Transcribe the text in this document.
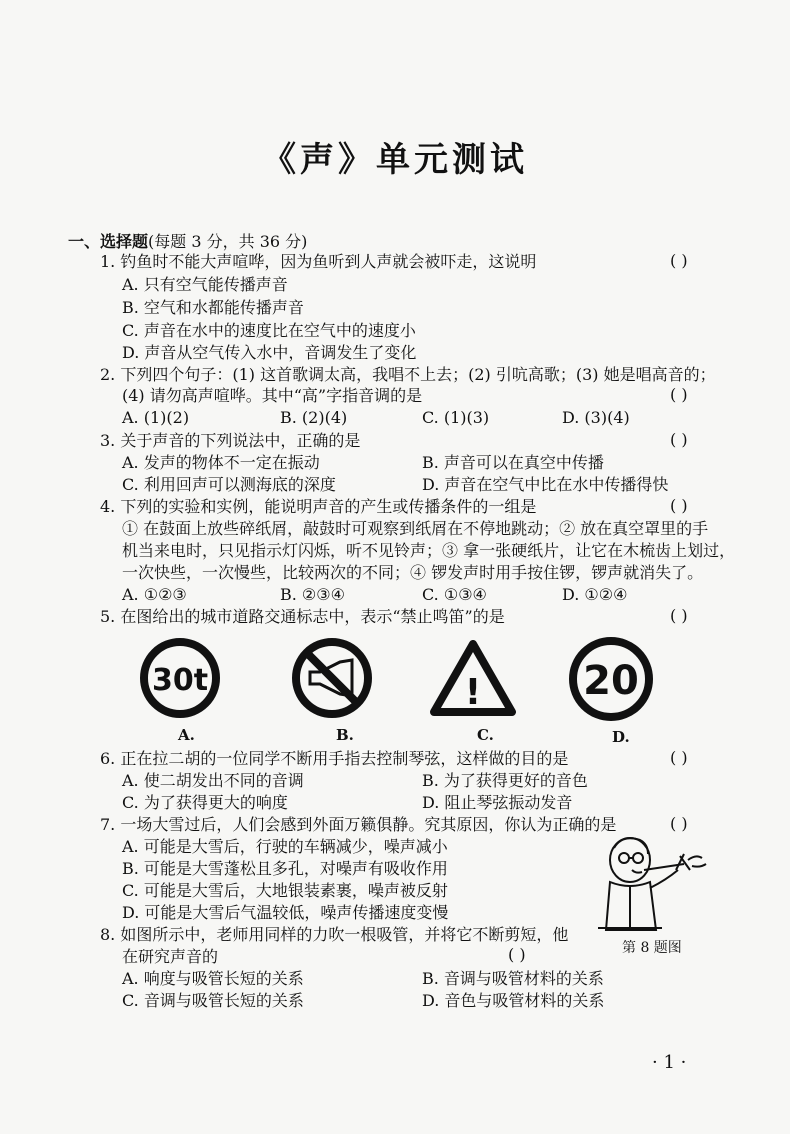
《声》单元测试
一、选择题(每题 3 分，共 36 分)
1. 钓鱼时不能大声喧哗，因为鱼听到人声就会被吓走，这说明	( )
A. 只有空气能传播声音
B. 空气和水都能传播声音
C. 声音在水中的速度比在空气中的速度小
D. 声音从空气传入水中，音调发生了变化
2. 下列四个句子：(1) 这首歌调太高，我唱不上去；(2) 引吭高歌；(3) 她是唱高音的；
(4) 请勿高声喧哗。其中“高”字指音调的是	( )
A. (1)(2)	B. (2)(4)	C. (1)(3)	D. (3)(4)
3. 关于声音的下列说法中，正确的是	( )
A. 发声的物体不一定在振动	B. 声音可以在真空中传播
C. 利用回声可以测海底的深度	D. 声音在空气中比在水中传播得快
4. 下列的实验和实例，能说明声音的产生或传播条件的一组是	( )
① 在鼓面上放些碎纸屑，敲鼓时可观察到纸屑在不停地跳动；② 放在真空罩里的手
机当来电时，只见指示灯闪烁，听不见铃声；③ 拿一张硬纸片，让它在木梳齿上划过，
一次快些，一次慢些，比较两次的不同；④ 锣发声时用手按住锣，锣声就消失了。
A. ①②③	B. ②③④	C. ①③④	D. ①②④
5. 在图给出的城市道路交通标志中，表示“禁止鸣笛”的是	( )
30t
A.	B.
!
C.
20
D.
6. 正在拉二胡的一位同学不断用手指去控制琴弦，这样做的目的是	( )
A. 使二胡发出不同的音调	B. 为了获得更好的音色
C. 为了获得更大的响度	D. 阻止琴弦振动发音
7. 一场大雪过后，人们会感到外面万籁俱静。究其原因，你认为正确的是	( )
A. 可能是大雪后，行驶的车辆减少，噪声减小
B. 可能是大雪蓬松且多孔，对噪声有吸收作用
C. 可能是大雪后，大地银装素裹，噪声被反射
D. 可能是大雪后气温较低，噪声传播速度变慢
第 8 题图
8. 如图所示中，老师用同样的力吹一根吸管，并将它不断剪短，他
在研究声音的	( )
A. 响度与吸管长短的关系	B. 音调与吸管材料的关系
C. 音调与吸管长短的关系	D. 音色与吸管材料的关系
· 1 ·
